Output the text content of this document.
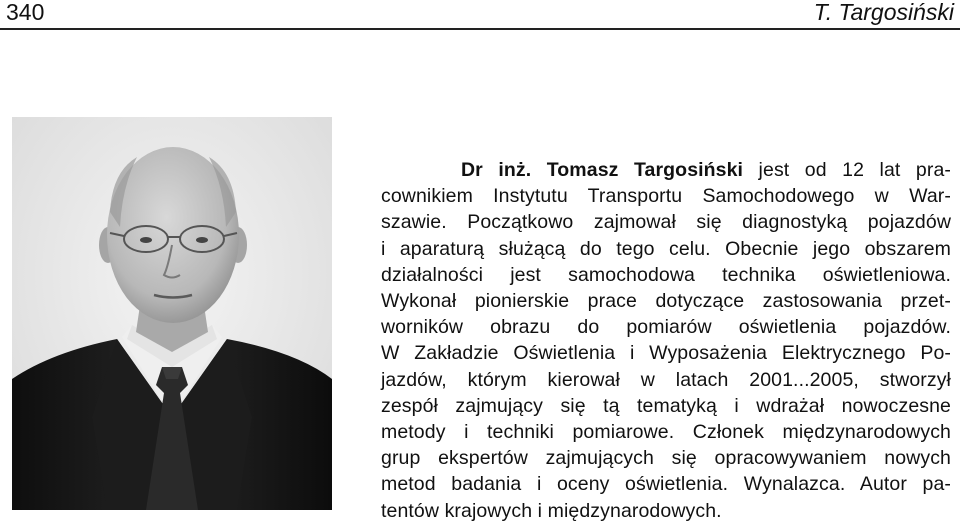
340	T. Targosiński
Dr inż. Tomasz Targosiński jest od 12 lat pra-
cownikiem Instytutu Transportu Samochodowego w War-
szawie. Początkowo zajmował się diagnostyką pojazdów
i aparaturą służącą do tego celu. Obecnie jego obszarem
działalności jest samochodowa technika oświetleniowa.
Wykonał pionierskie prace dotyczące zastosowania przet-
worników obrazu do pomiarów oświetlenia pojazdów.
W Zakładzie Oświetlenia i Wyposażenia Elektrycznego Po-
jazdów, którym kierował w latach 2001...2005, stworzył
zespół zajmujący się tą tematyką i wdrażał nowoczesne
metody i techniki pomiarowe. Członek międzynarodowych
grup ekspertów zajmujących się opracowywaniem nowych
metod badania i oceny oświetlenia. Wynalazca. Autor pa-
tentów krajowych i międzynarodowych.
